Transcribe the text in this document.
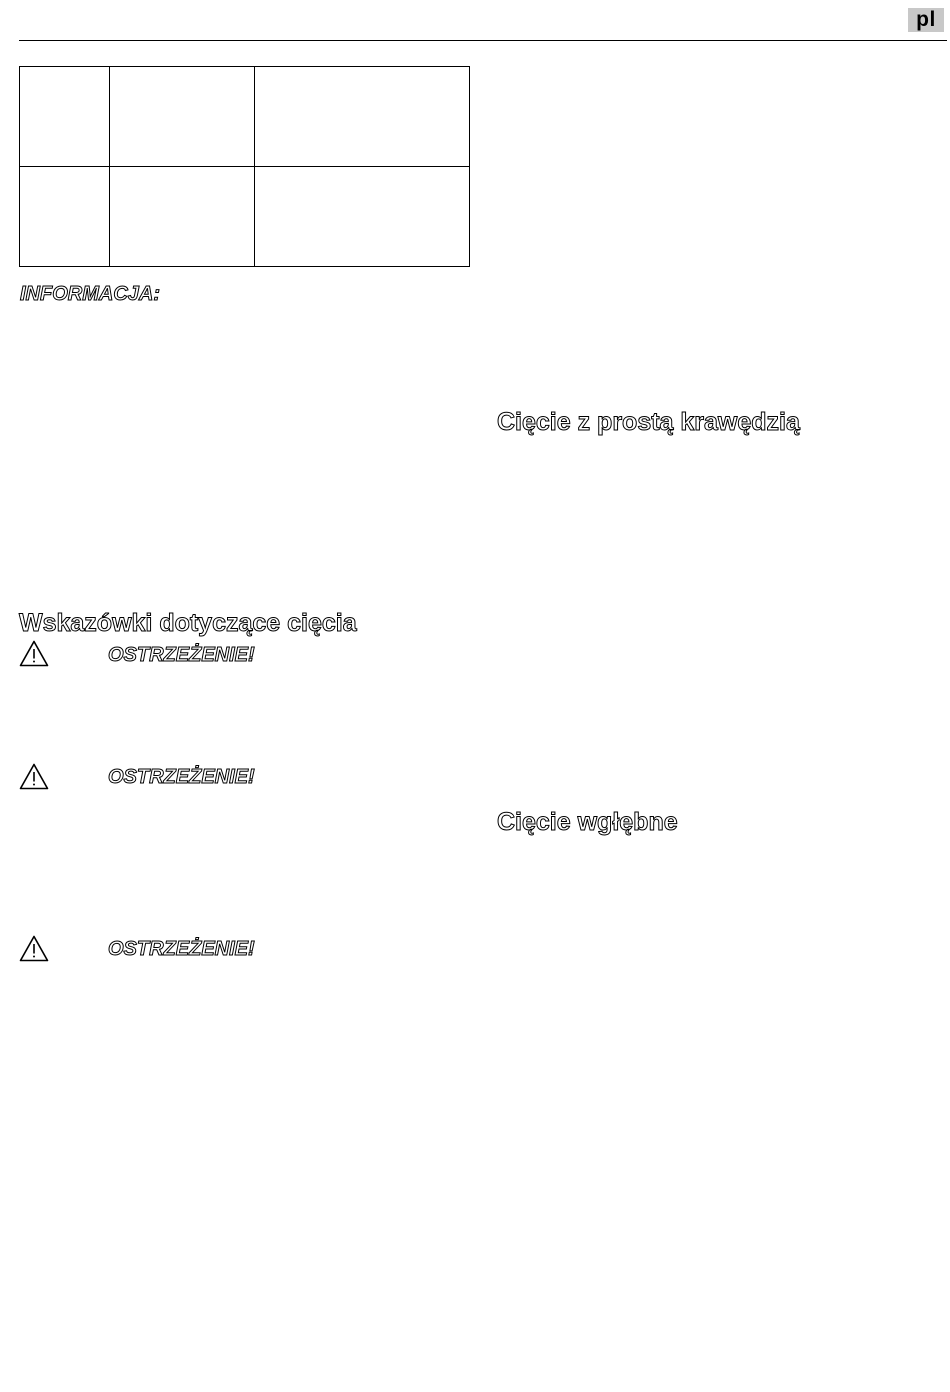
pl

INFORMACJA:
Wskazówki dotyczące cięcia
OSTRZEŻENIE!
OSTRZEŻENIE!
OSTRZEŻENIE!
Cięcie z prostą krawędzią
Cięcie wgłębne
